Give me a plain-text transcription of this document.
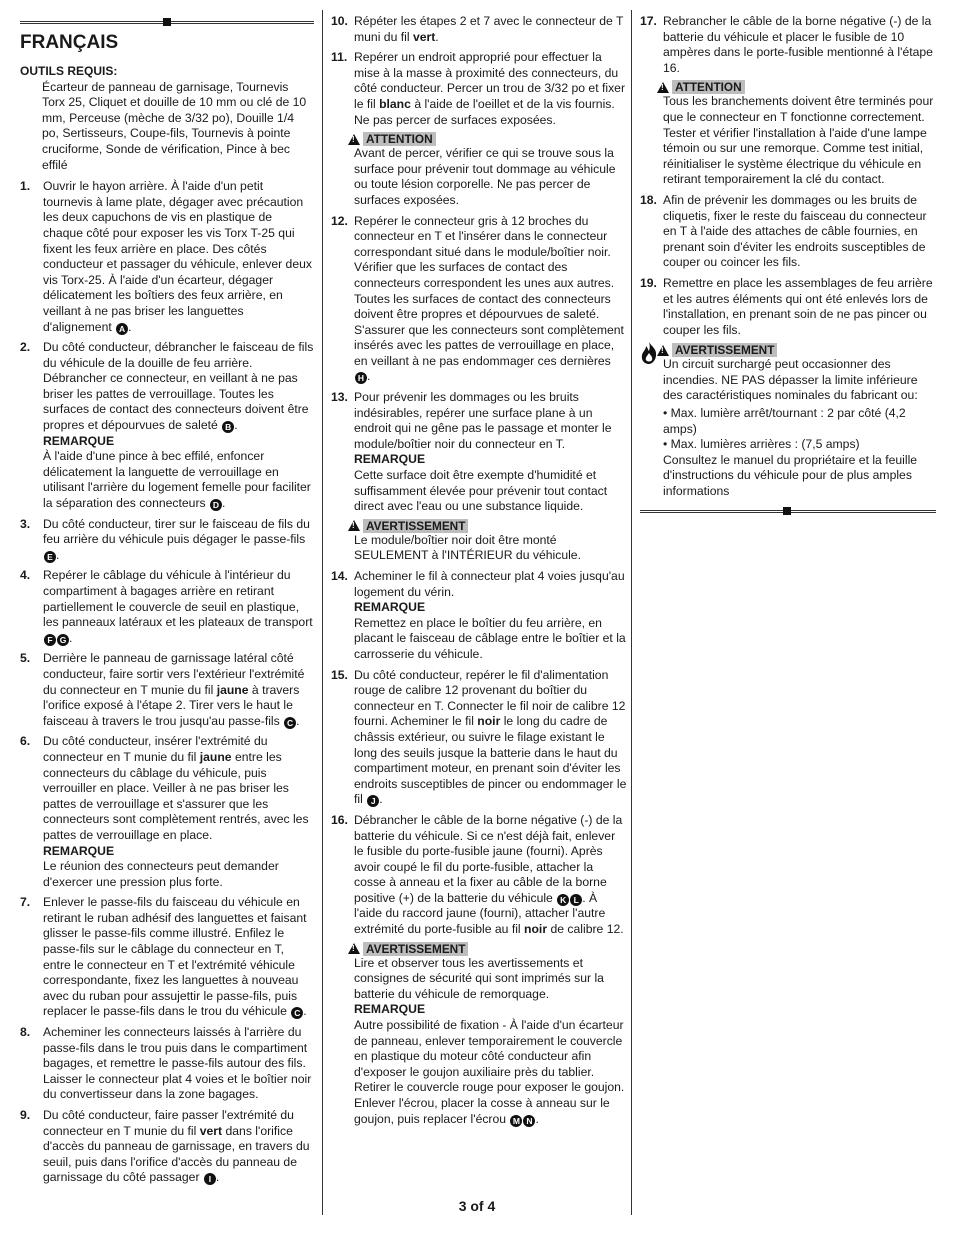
FRANÇAIS

OUTILS REQUIS:

Écarteur de panneau de garnisage, Tournevis Torx 25, Cliquet et douille de 10 mm ou clé de 10 mm, Perceuse (mèche de 3/32 po), Douille 1/4 po, Sertisseurs, Coupe-fils, Tournevis à pointe cruciforme, Sonde de vérification, Pince à bec effilé

1. Ouvrir le hayon arrière. À l'aide d'un petit tournevis à lame plate, dégager avec précaution les deux capuchons de vis en plastique de chaque côté pour exposer les vis Torx T-25 qui fixent les feux arrière en place. Des côtés conducteur et passager du véhicule, enlever deux vis Torx-25. À l'aide d'un écarteur, dégager délicatement les boîtiers des feux arrière, en veillant à ne pas briser les languettes d'alignement A .

2. Du côté conducteur, débrancher le faisceau de fils du véhicule de la douille de feu arrière. Débrancher ce connecteur, en veillant à ne pas briser les pattes de verrouillage. Toutes les surfaces de contact des connecteurs doivent être propres et dépourvues de saleté B .

REMARQUE

À l'aide d'une pince à bec effilé, enfoncer délicatement la languette de verrouillage en utilisant l'arrière du logement femelle pour faciliter la séparation des connecteurs D .

3. Du côté conducteur, tirer sur le faisceau de fils du feu arrière du véhicule puis dégager le passe-fils E .

4. Repérer le câblage du véhicule à l'intérieur du compartiment à bagages arrière en retirant partiellement le couvercle de seuil en plastique, les panneaux latéraux et les plateaux de transport F G .

5. Derrière le panneau de garnissage latéral côté conducteur, faire sortir vers l'extérieur l'extrémité du connecteur en T munie du fil jaune à travers l'orifice exposé à l'étape 2. Tirer vers le haut le faisceau à travers le trou jusqu'au passe-fils C .

6. Du côté conducteur, insérer l'extrémité du connecteur en T munie du fil jaune entre les connecteurs du câblage du véhicule, puis verrouiller en place. Veiller à ne pas briser les pattes de verrouillage et s'assurer que les connecteurs sont complètement rentrés, avec les pattes de verrouillage en place.

REMARQUE

Le réunion des connecteurs peut demander d'exercer une pression plus forte.

7. Enlever le passe-fils du faisceau du véhicule en retirant le ruban adhésif des languettes et faisant glisser le passe-fils comme illustré. Enfilez le passe-fils sur le câblage du connecteur en T, entre le connecteur en T et l'extrémité véhicule correspondante, fixez les languettes à nouveau avec du ruban pour assujettir le passe-fils, puis replacer le passe-fils dans le trou du véhicule C .

8. Acheminer les connecteurs laissés à l'arrière du passe-fils dans le trou puis dans le compartiment bagages, et remettre le passe-fils autour des fils. Laisser le connecteur plat 4 voies et le boîtier noir du convertisseur dans la zone bagages.

9. Du côté conducteur, faire passer l'extrémité du connecteur en T munie du fil vert dans l'orifice d'accès du panneau de garnissage, en travers du seuil, puis dans l'orifice d'accès du panneau de garnissage du côté passager I .

10. Répéter les étapes 2 et 7 avec le connecteur de T muni du fil vert.

11. Repérer un endroit approprié pour effectuer la mise à la masse à proximité des connecteurs, du côté conducteur. Percer un trou de 3/32 po et fixer le fil blanc à l'aide de l'oeillet et de la vis fournis. Ne pas percer de surfaces exposées.

!
ATTENTION

Avant de percer, vérifier ce qui se trouve sous la surface pour prévenir tout dommage au véhicule ou toute lésion corporelle. Ne pas percer de surfaces exposées.

12. Repérer le connecteur gris à 12 broches du connecteur en T et l'insérer dans le connecteur correspondant situé dans le module/boîtier noir. Vérifier que les surfaces de contact des connecteurs correspondent les unes aux autres. Toutes les surfaces de contact des connecteurs doivent être propres et dépourvues de saleté. S'assurer que les connecteurs sont complètement insérés avec les pattes de verrouillage en place, en veillant à ne pas endommager ces dernières H .

13. Pour prévenir les dommages ou les bruits indésirables, repérer une surface plane à un endroit qui ne gêne pas le passage et monter le module/boîtier noir du connecteur en T.

REMARQUE

Cette surface doit être exempte d'humidité et suffisamment élevée pour prévenir tout contact direct avec l'eau ou une substance liquide.

!
AVERTISSEMENT

Le module/boîtier noir doit être monté SEULEMENT à l'INTÉRIEUR du véhicule.

14. Acheminer le fil à connecteur plat 4 voies jusqu'au logement du vérin.

REMARQUE

Remettez en place le boîtier du feu arrière, en placant le faisceau de câblage entre le boîtier et la carrosserie du véhicule.

15. Du côté conducteur, repérer le fil d'alimentation rouge de calibre 12 provenant du boîtier du connecteur en T. Connecter le fil noir de calibre 12 fourni. Acheminer le fil noir le long du cadre de châssis extérieur, ou suivre le filage existant le long des seuils jusque la batterie dans le haut du compartiment moteur, en prenant soin d'éviter les endroits susceptibles de pincer ou endommager le fil J .

16. Débrancher le câble de la borne négative (-) de la batterie du véhicule. Si ce n'est déjà fait, enlever le fusible du porte-fusible jaune (fourni). Après avoir coupé le fil du porte-fusible, attacher la cosse à anneau et la fixer au câble de la borne positive (+) de la batterie du véhicule K L . À l'aide du raccord jaune (fourni), attacher l'autre extrémité du porte-fusible au fil noir de calibre 12.

!
AVERTISSEMENT

Lire et observer tous les avertissements et consignes de sécurité qui sont imprimés sur la batterie du véhicule de remorquage.

REMARQUE

Autre possibilité de fixation - À l'aide d'un écarteur de panneau, enlever temporairement le couvercle en plastique du moteur côté conducteur afin d'exposer le goujon auxiliaire près du tablier. Retirer le couvercle rouge pour exposer le goujon. Enlever l'écrou, placer la cosse à anneau sur le goujon, puis replacer l'écrou M N .

17. Rebrancher le câble de la borne négative (-) de la batterie du véhicule et placer le fusible de 10 ampères dans le porte-fusible mentionné à l'étape 16.

!
ATTENTION

Tous les branchements doivent être terminés pour que le connecteur en T fonctionne correctement. Tester et vérifier l'installation à l'aide d'une lampe témoin ou sur une remorque. Comme test initial, réinitialiser le système électrique du véhicule en retirant temporairement la clé du contact.

18. Afin de prévenir les dommages ou les bruits de cliquetis, fixer le reste du faisceau du connecteur en T à l'aide des attaches de câble fournies, en prenant soin d'éviter les endroits susceptibles de couper ou coincer les fils.

19. Remettre en place les assemblages de feu arrière et les autres éléments qui ont été enlevés lors de l'installation, en prenant soin de ne pas pincer ou couper les fils.

!
AVERTISSEMENT

Un circuit surchargé peut occasionner des incendies. NE PAS dépasser la limite inférieure des caractéristiques nominales du fabricant ou:

• Max. lumière arrêt/tournant : 2 par côté (4,2 amps)

• Max. lumières arrières : (7,5 amps)

Consultez le manuel du propriétaire et la feuille d'instructions du véhicule pour de plus amples informations

3 of 4
